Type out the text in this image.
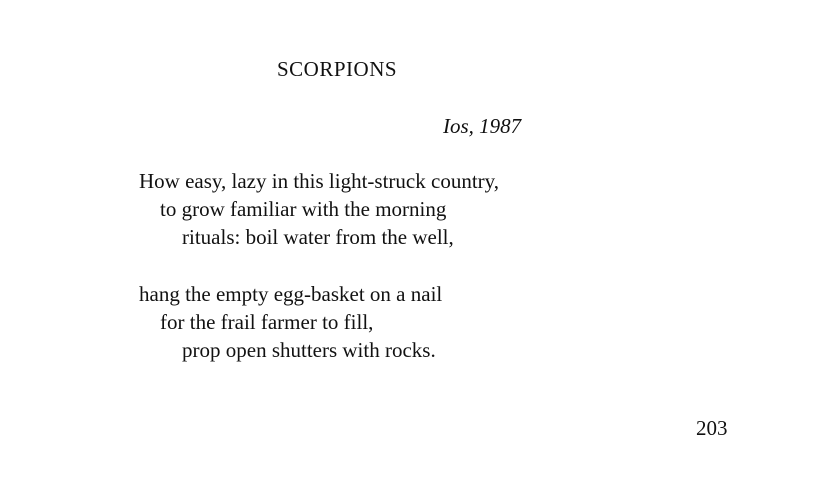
SCORPIONS
Ios, 1987
How easy, lazy in this light-struck country,
to grow familiar with the morning
rituals: boil water from the well,
hang the empty egg-basket on a nail
for the frail farmer to fill,
prop open shutters with rocks.
203
